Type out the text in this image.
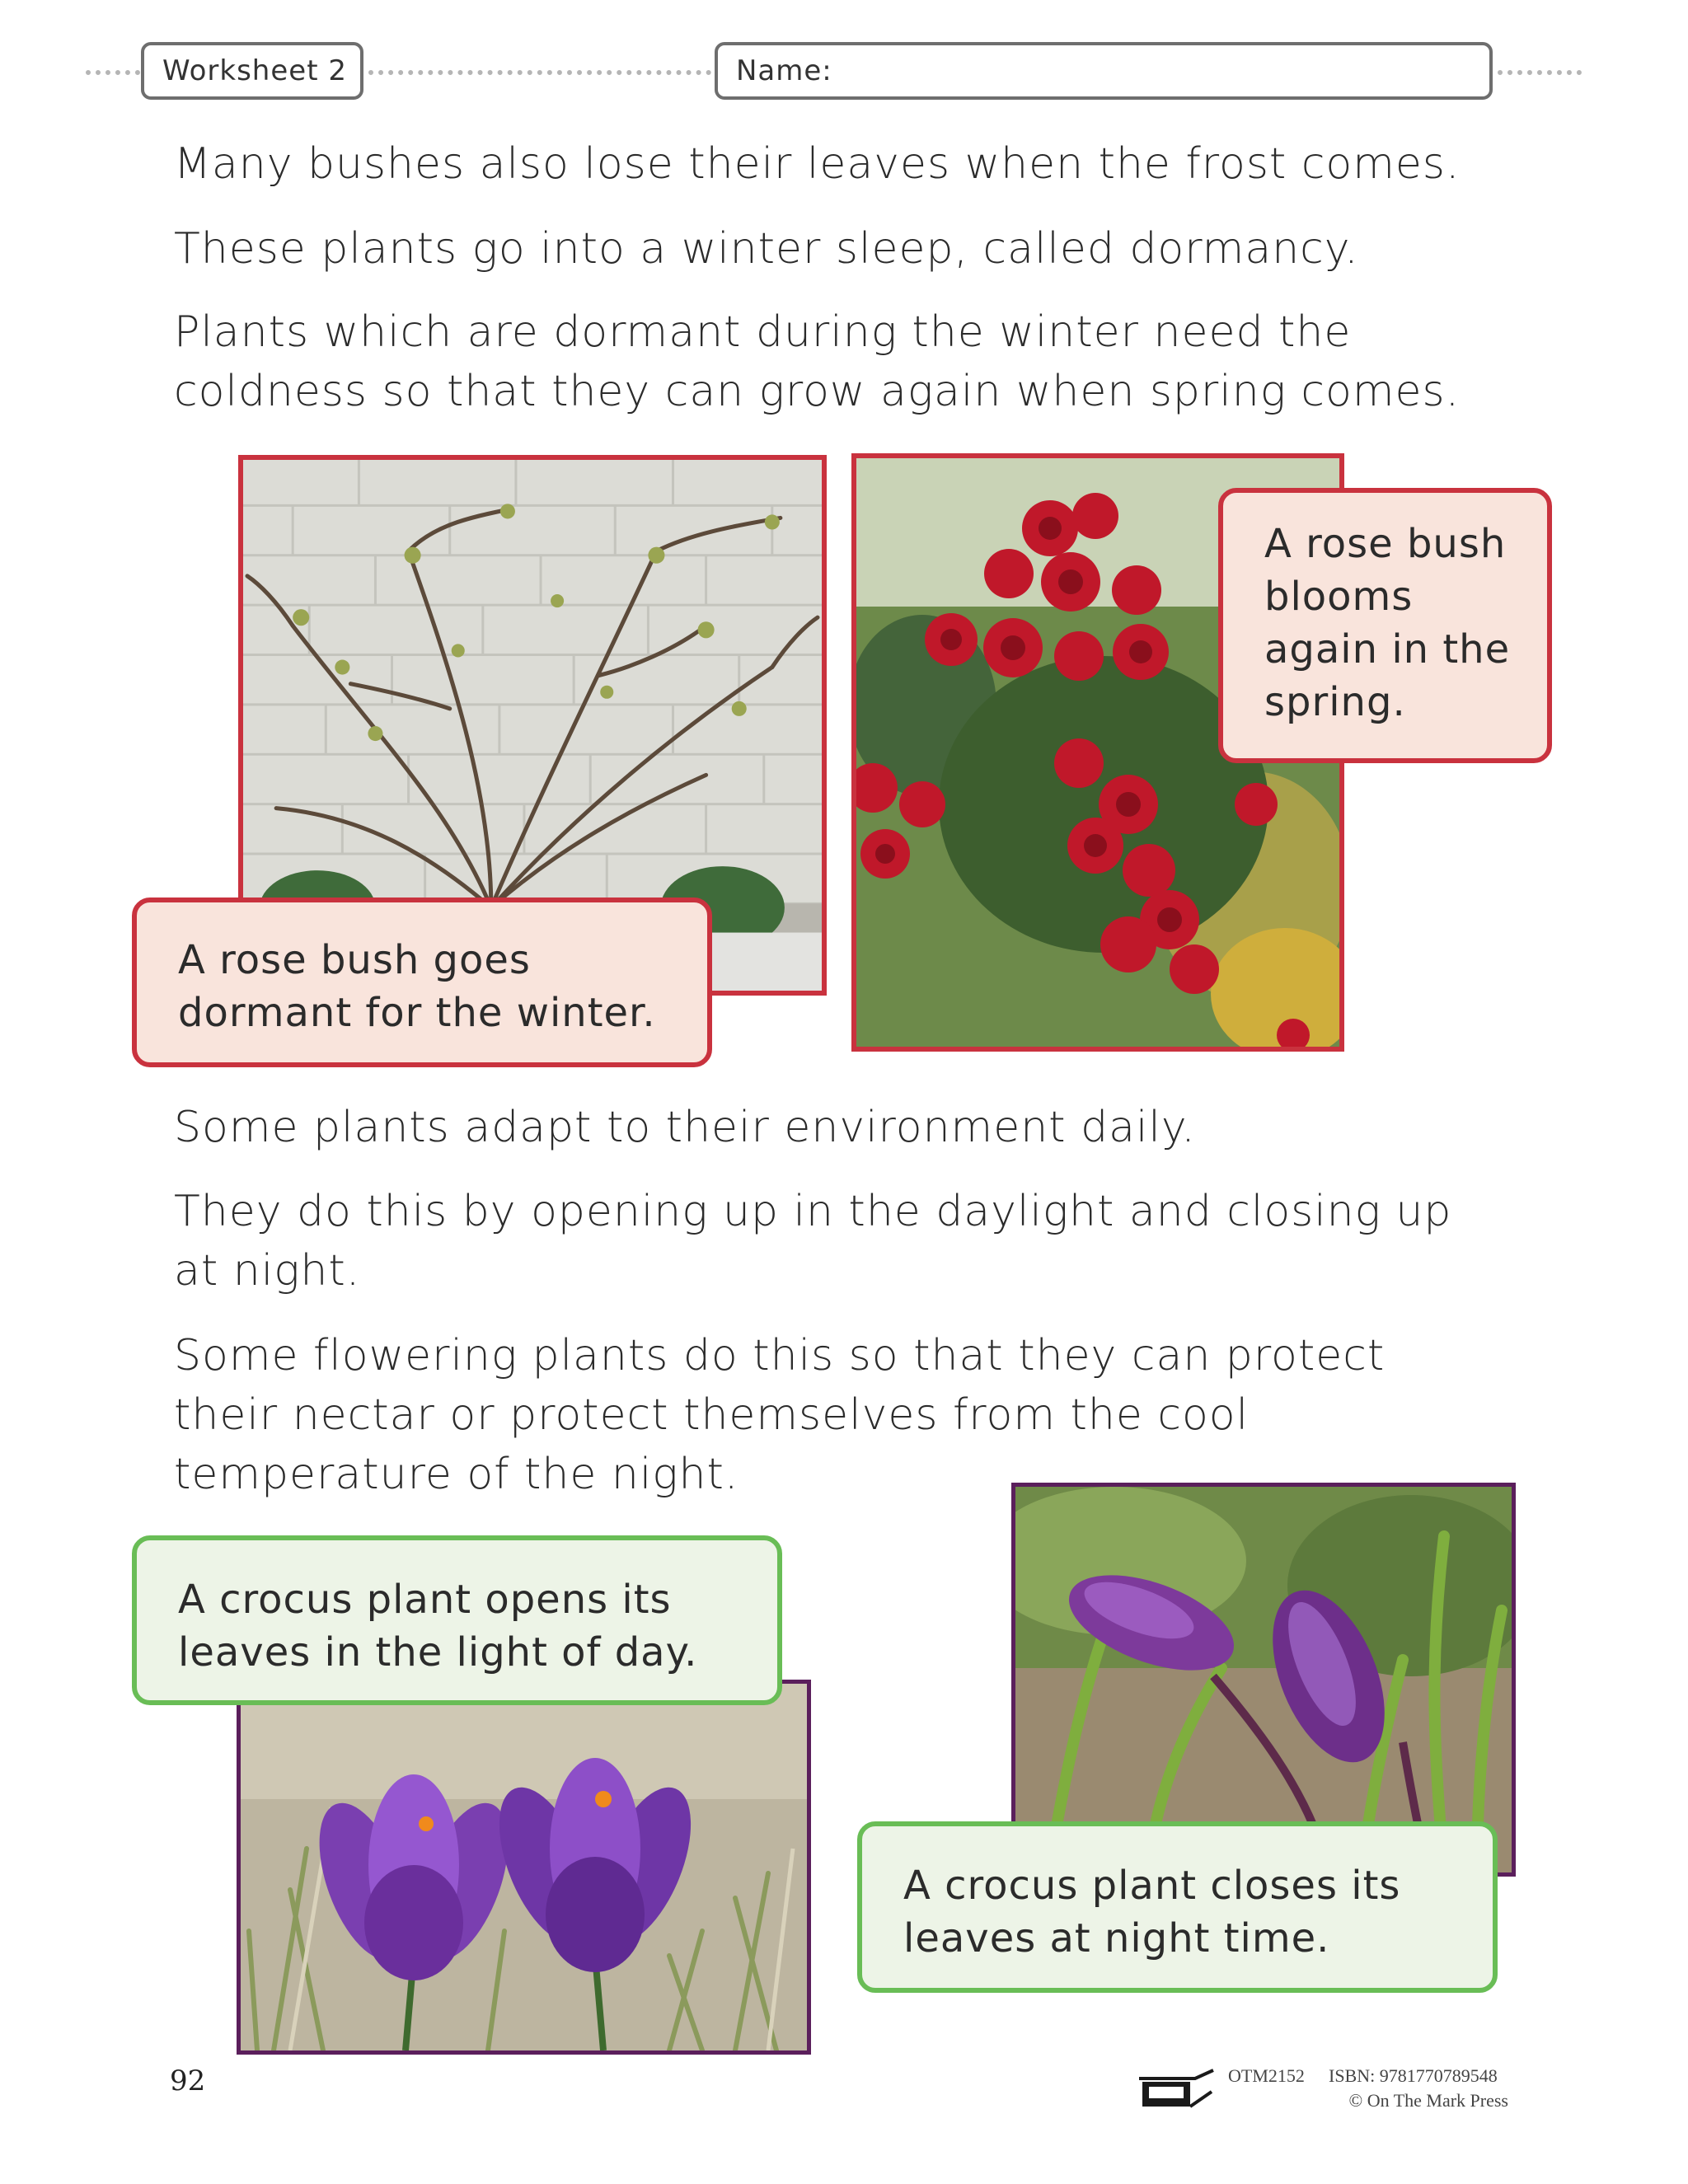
Worksheet 2	Name:

Many bushes also lose their leaves when the frost comes.

These plants go into a winter sleep, called dormancy.

Plants which are dormant during the winter need the coldness so that they can grow again when spring comes.

A rose bush goes dormant for the winter.
A rose bush blooms again in the spring.

Some plants adapt to their environment daily.

They do this by opening up in the daylight and closing up at night.

Some flowering plants do this so that they can protect their nectar or protect themselves from the cool temperature of the night.

A crocus plant opens its leaves in the light of day.
A crocus plant closes its leaves at night time.
92	OTM2152 ISBN: 9781770789548
© On The Mark Press
